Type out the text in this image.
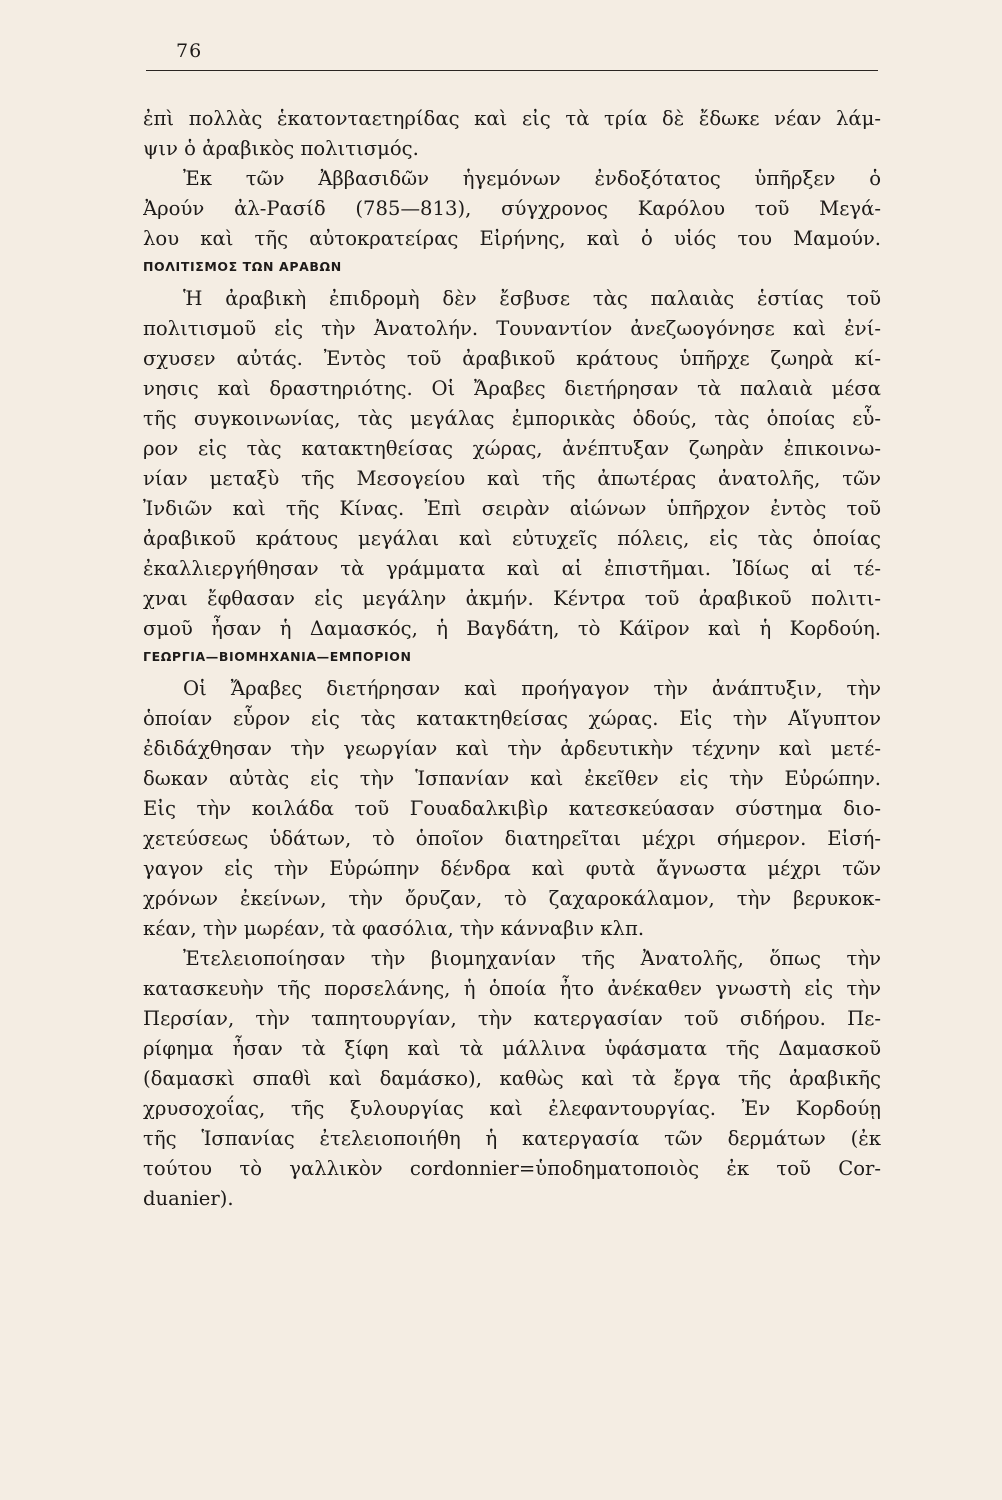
76
ἐπὶ πολλὰς ἑκατονταετηρίδας καὶ εἰς τὰ τρία δὲ ἔδωκε νέαν λάμ-
ψιν ὁ ἀραβικὸς πολιτισμός.
Ἐκ τῶν Ἀββασιδῶν ἡγεμόνων ἐνδοξότατος ὑπῆρξεν ὁ
Ἀρούν ἀλ-Ρασίδ (785—813), σύγχρονος Καρόλου τοῦ Μεγά-
λου καὶ τῆς αὐτοκρατείρας Εἰρήνης, καὶ ὁ υἱός του Μαμούν.
ΠΟΛΙΤΙΣΜΟΣ ΤΩΝ ΑΡΑΒΩΝ
Ἡ ἀραβικὴ ἐπιδρομὴ δὲν ἔσβυσε τὰς παλαιὰς ἑστίας τοῦ
πολιτισμοῦ εἰς τὴν Ἀνατολήν. Τουναντίον ἀνεζωογόνησε καὶ ἐνί-
σχυσεν αὐτάς. Ἐντὸς τοῦ ἀραβικοῦ κράτους ὑπῆρχε ζωηρὰ κί-
νησις καὶ δραστηριότης. Οἱ Ἄραβες διετήρησαν τὰ παλαιὰ μέσα
τῆς συγκοινωνίας, τὰς μεγάλας ἐμπορικὰς ὁδούς, τὰς ὁποίας εὗ-
ρον εἰς τὰς κατακτηθείσας χώρας, ἀνέπτυξαν ζωηρὰν ἐπικοινω-
νίαν μεταξὺ τῆς Μεσογείου καὶ τῆς ἀπωτέρας ἀνατολῆς, τῶν
Ἰνδιῶν καὶ τῆς Κίνας. Ἐπὶ σειρὰν αἰώνων ὑπῆρχον ἐντὸς τοῦ
ἀραβικοῦ κράτους μεγάλαι καὶ εὐτυχεῖς πόλεις, εἰς τὰς ὁποίας
ἐκαλλιεργήθησαν τὰ γράμματα καὶ αἱ ἐπιστῆμαι. Ἰδίως αἱ τέ-
χναι ἔφθασαν εἰς μεγάλην ἀκμήν. Κέντρα τοῦ ἀραβικοῦ πολιτι-
σμοῦ ἦσαν ἡ Δαμασκός, ἡ Βαγδάτη, τὸ Κάϊρον καὶ ἡ Κορδούη.
ΓΕΩΡΓΙΑ—ΒΙΟΜΗΧΑΝΙΑ—ΕΜΠΟΡΙΟΝ
Οἱ Ἄραβες διετήρησαν καὶ προήγαγον τὴν ἀνάπτυξιν, τὴν
ὁποίαν εὗρον εἰς τὰς κατακτηθείσας χώρας. Εἰς τὴν Αἴγυπτον
ἐδιδάχθησαν τὴν γεωργίαν καὶ τὴν ἀρδευτικὴν τέχνην καὶ μετέ-
δωκαν αὐτὰς εἰς τὴν Ἱσπανίαν καὶ ἐκεῖθεν εἰς τὴν Εὐρώπην.
Εἰς τὴν κοιλάδα τοῦ Γουαδαλκιβὶρ κατεσκεύασαν σύστημα διο-
χετεύσεως ὑδάτων, τὸ ὁποῖον διατηρεῖται μέχρι σήμερον. Εἰσή-
γαγον εἰς τὴν Εὐρώπην δένδρα καὶ φυτὰ ἄγνωστα μέχρι τῶν
χρόνων ἐκείνων, τὴν ὄρυζαν, τὸ ζαχαροκάλαμον, τὴν βερυκοκ-
κέαν, τὴν μωρέαν, τὰ φασόλια, τὴν κάνναβιν κλπ.
Ἐτελειοποίησαν τὴν βιομηχανίαν τῆς Ἀνατολῆς, ὅπως τὴν
κατασκευὴν τῆς πορσελάνης, ἡ ὁποία ἦτο ἀνέκαθεν γνωστὴ εἰς τὴν
Περσίαν, τὴν ταπητουργίαν, τὴν κατεργασίαν τοῦ σιδήρου. Πε-
ρίφημα ἦσαν τὰ ξίφη καὶ τὰ μάλλινα ὑφάσματα τῆς Δαμασκοῦ
(δαμασκὶ σπαθὶ καὶ δαμάσκο), καθὼς καὶ τὰ ἔργα τῆς ἀραβικῆς
χρυσοχοΐας, τῆς ξυλουργίας καὶ ἐλεφαντουργίας. Ἐν Κορδούῃ
τῆς Ἱσπανίας ἐτελειοποιήθη ἡ κατεργασία τῶν δερμάτων (ἐκ
τούτου τὸ γαλλικὸν cordonnier=ὑποδηματοποιὸς ἐκ τοῦ Cor-
duanier).
